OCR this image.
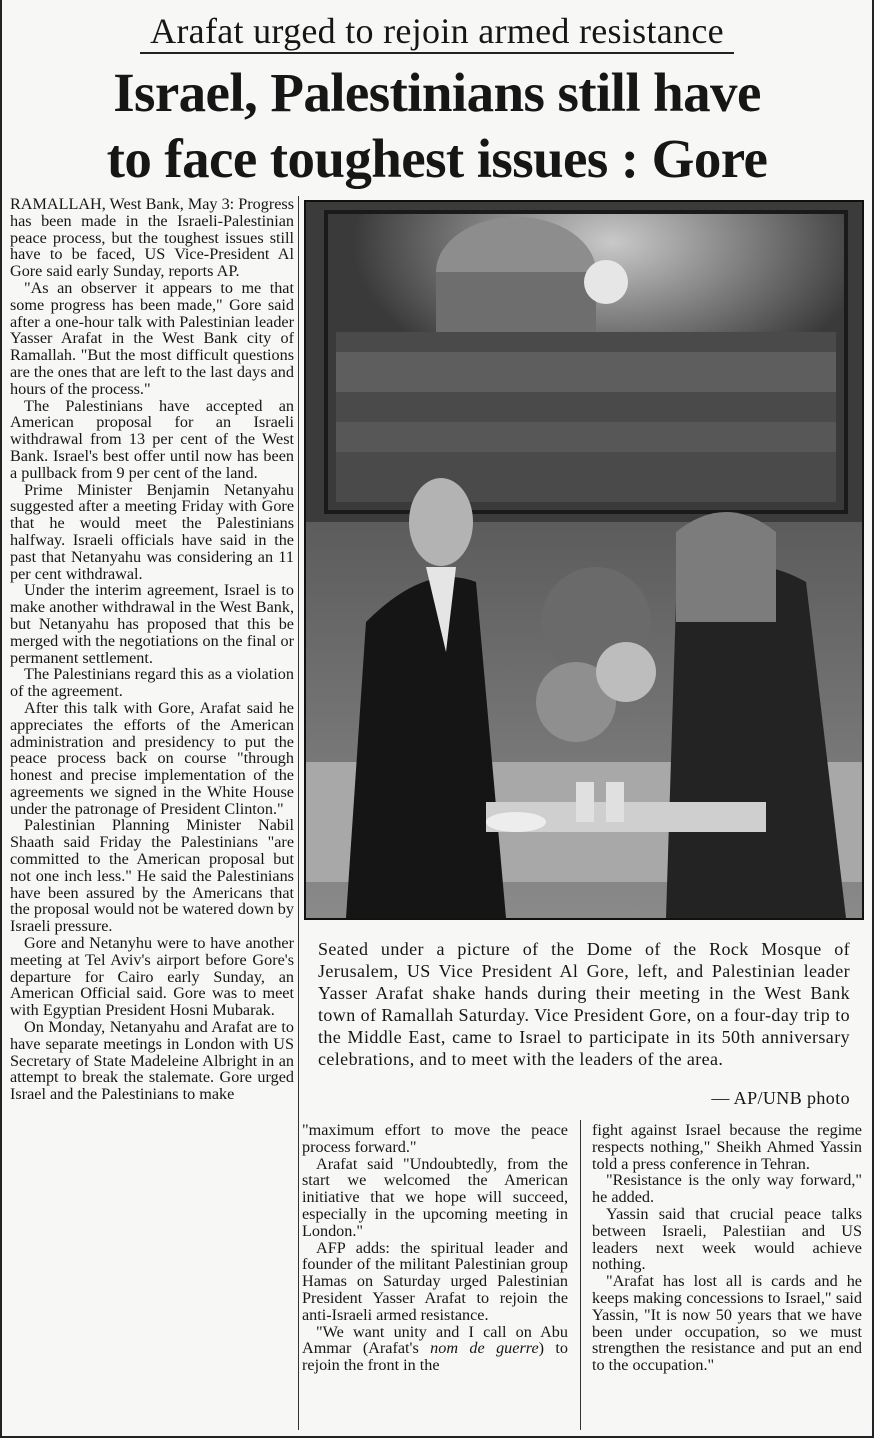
Arafat urged to rejoin armed resistance
Israel, Palestinians still have
to face toughest issues : Gore

RAMALLAH, West Bank, May 3: Progress has been made in the Israeli-Palestinian peace process, but the toughest issues still have to be faced, US Vice-President Al Gore said early Sunday, reports AP.

"As an observer it appears to me that some progress has been made," Gore said after a one-hour talk with Palestinian leader Yasser Arafat in the West Bank city of Ramallah. "But the most difficult questions are the ones that are left to the last days and hours of the process."

The Palestinians have accepted an American proposal for an Israeli withdrawal from 13 per cent of the West Bank. Israel's best offer until now has been a pullback from 9 per cent of the land.

Prime Minister Benjamin Netanyahu suggested after a meeting Friday with Gore that he would meet the Palestinians halfway. Israeli officials have said in the past that Netanyahu was considering an 11 per cent withdrawal.

Under the interim agreement, Israel is to make another withdrawal in the West Bank, but Netanyahu has proposed that this be merged with the negotiations on the final or permanent settlement.

The Palestinians regard this as a violation of the agreement.

After this talk with Gore, Arafat said he appreciates the efforts of the American administration and presidency to put the peace process back on course "through honest and precise implementation of the agreements we signed in the White House under the patronage of President Clinton."

Palestinian Planning Minister Nabil Shaath said Friday the Palestinians "are committed to the American proposal but not one inch less." He said the Palestinians have been assured by the Americans that the proposal would not be watered down by Israeli pressure.

Gore and Netanyhu were to have another meeting at Tel Aviv's airport before Gore's departure for Cairo early Sunday, an American Official said. Gore was to meet with Egyptian President Hosni Mubarak.

On Monday, Netanyahu and Arafat are to have separate meetings in London with US Secretary of State Madeleine Albright in an attempt to break the stalemate. Gore urged Israel and the Palestinians to make

Seated under a picture of the Dome of the Rock Mosque of Jerusalem, US Vice President Al Gore, left, and Palestinian leader Yasser Arafat shake hands during their meeting in the West Bank town of Ramallah Saturday. Vice President Gore, on a four-day trip to the Middle East, came to Israel to participate in its 50th anniversary celebrations, and to meet with the leaders of the area.
— AP/UNB photo

"maximum effort to move the peace process forward."

Arafat said "Undoubtedly, from the start we welcomed the American initiative that we hope will succeed, especially in the upcoming meeting in London."

AFP adds: the spiritual leader and founder of the militant Palestinian group Hamas on Saturday urged Palestinian President Yasser Arafat to rejoin the anti-Israeli armed resistance.

"We want unity and I call on Abu Ammar (Arafat's nom de guerre) to rejoin the front in the

fight against Israel because the regime respects nothing," Sheikh Ahmed Yassin told a press conference in Tehran.

"Resistance is the only way forward," he added.

Yassin said that crucial peace talks between Israeli, Palestiian and US leaders next week would achieve nothing.

"Arafat has lost all is cards and he keeps making concessions to Israel," said Yassin, "It is now 50 years that we have been under occupation, so we must strengthen the resistance and put an end to the occupation."
